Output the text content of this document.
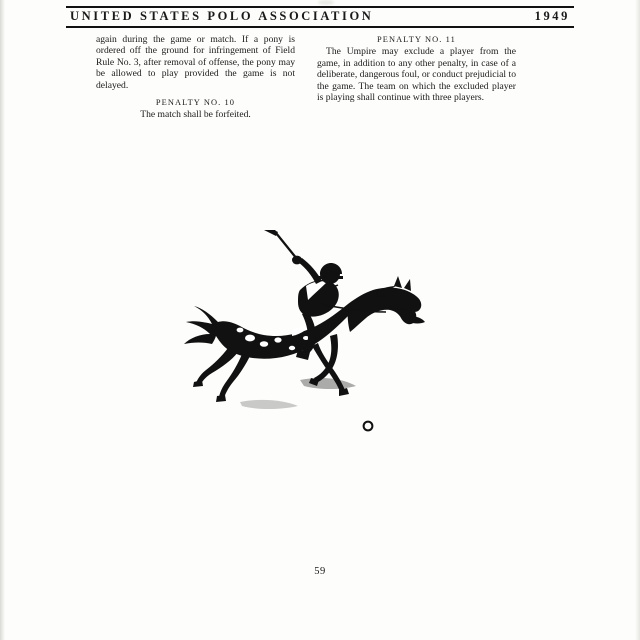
UNITED STATES POLO ASSOCIATION	1949

again during the game or match. If a pony is ordered off the ground for infringement of Field Rule No. 3, after removal of offense, the pony may be allowed to play provided the game is not delayed.

PENALTY NO. 10
The match shall be forfeited.
PENALTY NO. 11

The Umpire may exclude a player from the game, in addition to any other penalty, in case of a deliberate, dangerous foul, or conduct prejudicial to the game. The team on which the excluded player is playing shall continue with three players.

59
